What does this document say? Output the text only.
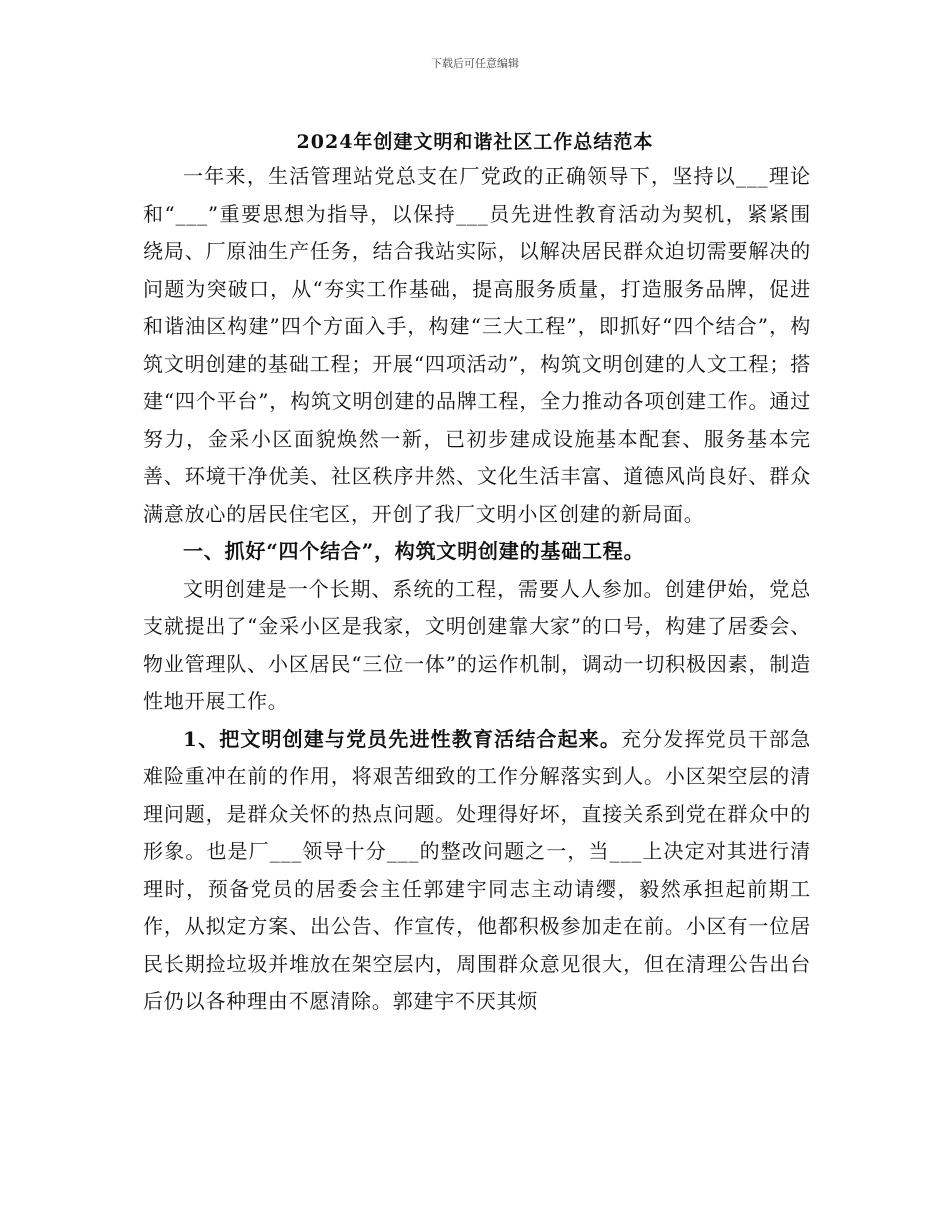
下载后可任意编辑
2024年创建文明和谐社区工作总结范本

一年来，生活管理站党总支在厂党政的正确领导下，坚持以___理论和“___”重要思想为指导，以保持___员先进性教育活动为契机，紧紧围绕局、厂原油生产任务，结合我站实际，以解决居民群众迫切需要解决的问题为突破口，从“夯实工作基础，提高服务质量，打造服务品牌，促进和谐油区构建”四个方面入手，构建“三大工程”，即抓好“四个结合”，构筑文明创建的基础工程；开展“四项活动”，构筑文明创建的人文工程；搭建“四个平台”，构筑文明创建的品牌工程，全力推动各项创建工作。通过努力，金采小区面貌焕然一新，已初步建成设施基本配套、服务基本完善、环境干净优美、社区秩序井然、文化生活丰富、道德风尚良好、群众满意放心的居民住宅区，开创了我厂文明小区创建的新局面。

一、抓好“四个结合”，构筑文明创建的基础工程。

文明创建是一个长期、系统的工程，需要人人参加。创建伊始，党总支就提出了“金采小区是我家，文明创建靠大家”的口号，构建了居委会、物业管理队、小区居民“三位一体”的运作机制，调动一切积极因素，制造性地开展工作。

1、把文明创建与党员先进性教育活结合起来。充分发挥党员干部急难险重冲在前的作用，将艰苦细致的工作分解落实到人。小区架空层的清理问题，是群众关怀的热点问题。处理得好坏，直接关系到党在群众中的形象。也是厂___领导十分___的整改问题之一，当___上决定对其进行清理时，预备党员的居委会主任郭建宇同志主动请缨，毅然承担起前期工作，从拟定方案、出公告、作宣传，他都积极参加走在前。小区有一位居民长期捡垃圾并堆放在架空层内，周围群众意见很大，但在清理公告出台后仍以各种理由不愿清除。郭建宇不厌其烦
